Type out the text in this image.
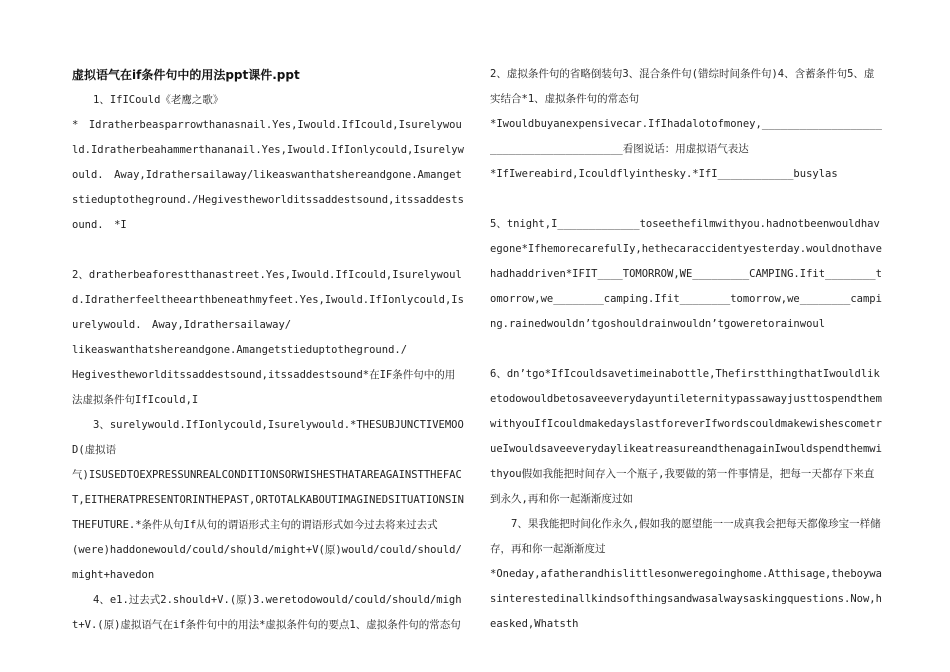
虚拟语气在if条件句中的用法ppt课件.ppt

　　1、IfICould《老鹰之歌》

*　Idratherbeasparrowthanasnail.Yes,Iwould.IfIcould,Isurelywould.Idratherbeahammerthananail.Yes,Iwould.IfIonlycould,Isurelywould.　Away,Idrathersailaway/likeaswanthatshereandgone.Amangetstieduptotheground./Hegivestheworlditssaddestsound,itssaddestsound.　*I

2、dratherbeaforestthanastreet.Yes,Iwould.IfIcould,Isurelywould.Idratherfeeltheearthbeneathmyfeet.Yes,Iwould.IfIonlycould,Isurelywould.　Away,Idrathersailaway/

likeaswanthatshereandgone.Amangetstieduptotheground./

Hegivestheworlditssaddestsound,itssaddestsound*在IF条件句中的用法虚拟条件句IfIcould,I

　　3、surelywould.IfIonlycould,Isurelywould.*THESUBJUNCTIVEMOOD(虚拟语

气)ISUSEDTOEXPRESSUNREALCONDITIONSORWISHESTHATAREAGAINSTTHEFACT,EITHERATPRESENTORINTHEPAST,ORTOTALKABOUTIMAGINEDSITUATIONSINTHEFUTURE.*条件从句If从句的谓语形式主句的谓语形式如今过去将来过去式

(were)haddonewould/could/should/might+V(原)would/could/should/

might+havedon

　　4、e1.过去式2.should+V.(原)3.weretodowould/could/should/might+V.(原)虚拟语气在if条件句中的用法*虚拟条件句的要点1、虚拟条件句的常态句

2、虚拟条件句的省略倒装句3、混合条件句(错综时间条件句)4、含蓄条件句5、虚实结合*1、虚拟条件句的常态句

*Iwouldbuyanexpensivecar.IfIhadalotofmoney,________________________________________看图说话：用虚拟语气表达

*IfIwereabird,Icouldflyinthesky.*IfI____________busylas

5、tnight,I_____________toseethefilmwithyou.hadnotbeenwouldhavegone*IfhemorecarefulIy,hethecaraccidentyesterday.wouldnothavehadhaddriven*IFIT____TOMORROW,WE_________CAMPING.Ifit________tomorrow,we________camping.Ifit________tomorrow,we________camping.rainedwouldn’tgoshouldrainwouldn’tgoweretorainwoul

6、dn’tgo*IfIcouldsavetimeinabottle,ThefirstthingthatIwouldliketodowouldbetosaveeverydayuntileternitypassawayjusttospendthemwithyouIfIcouldmakedayslastforeverIfwordscouldmakewishescometrueIwouldsaveeverydaylikeatreasureandthenagainIwouldspendthemwithyou假如我能把时间存入一个瓶子,我要做的第一件事情是，把每一天都存下来直到永久,再和你一起渐渐度过如

　　7、果我能把时间化作永久,假如我的愿望能一一成真我会把每天都像珍宝一样储存，再和你一起渐渐度过

*Oneday,afatherandhislittlesonweregoinghome.Atthisage,theboywasinterestedinallkindsofthingsandwasalwaysaskingquestions.Now,heasked,Whatsth
